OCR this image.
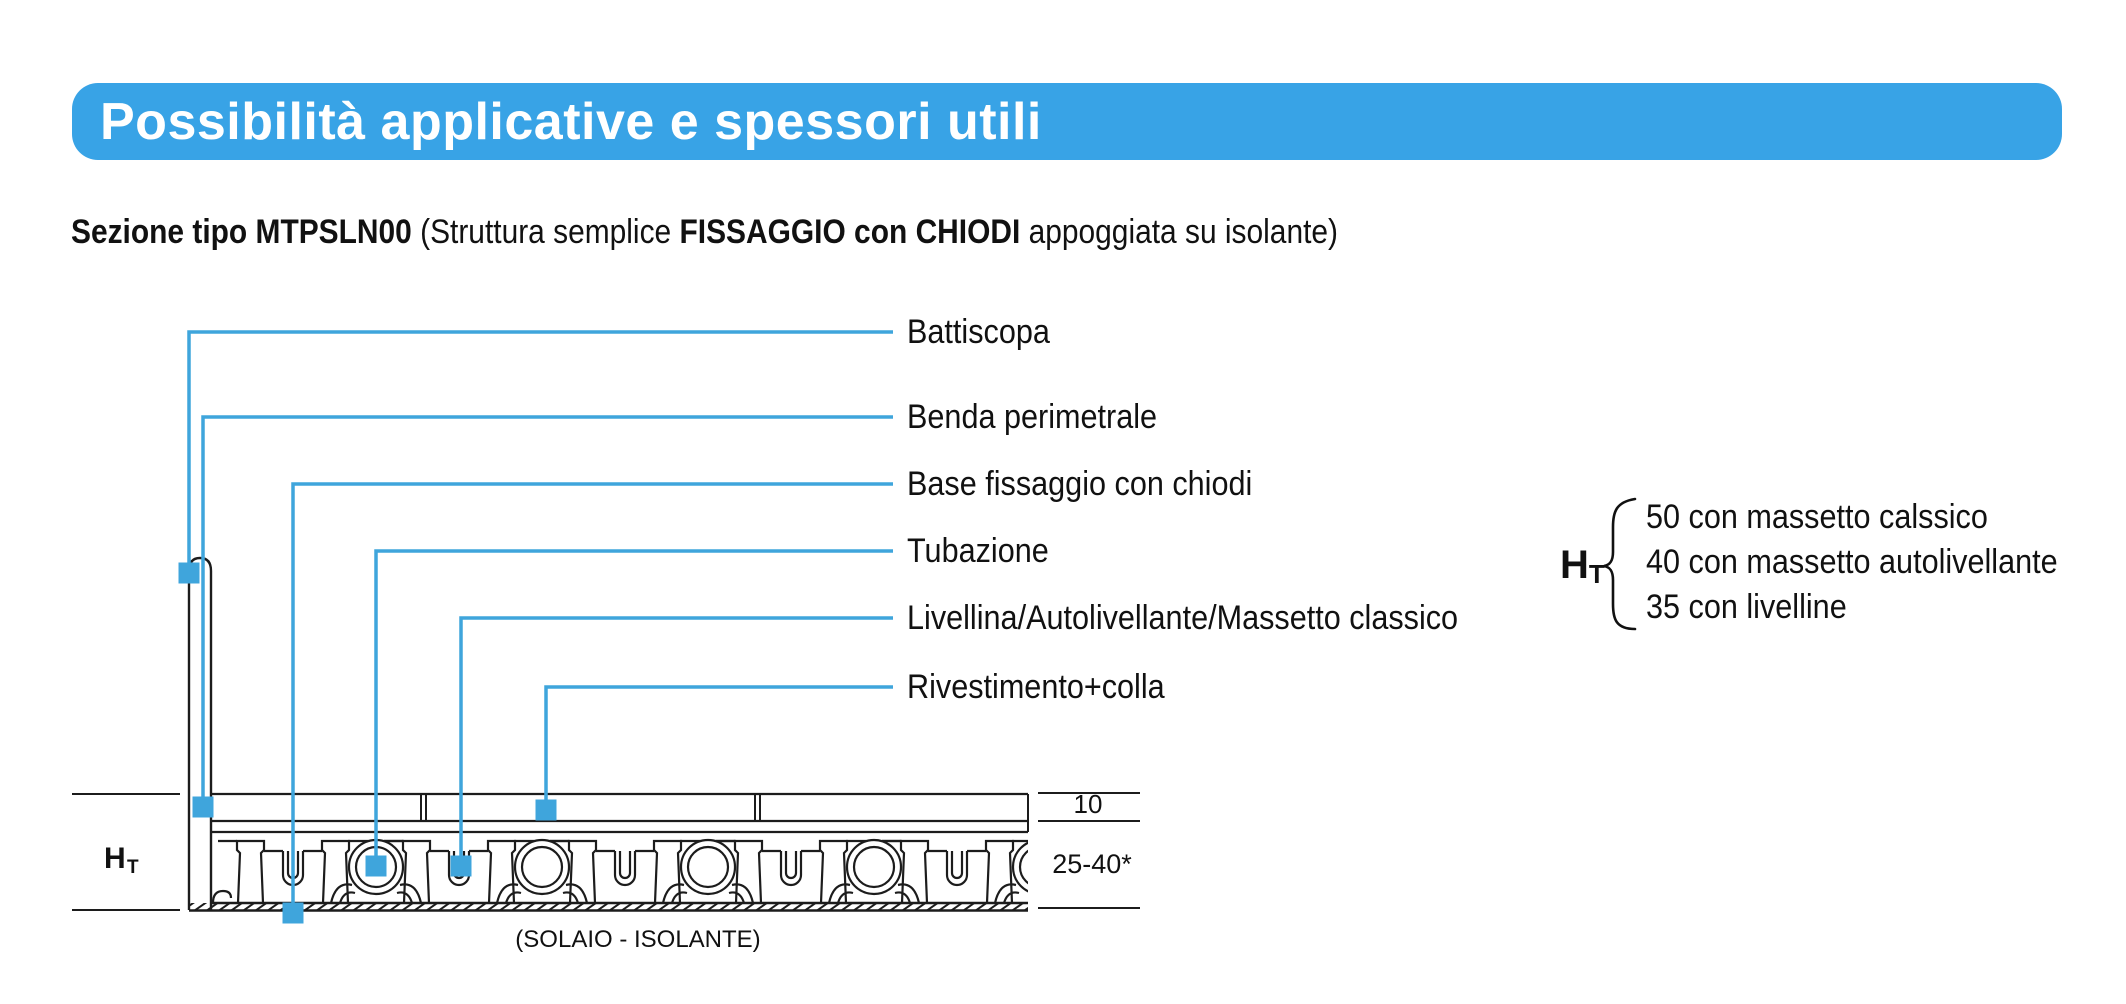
Possibilità applicative e spessori utili
Sezione tipo MTPSLN00 (Struttura semplice FISSAGGIO con CHIODI appoggiata su isolante)
H T
10
25-40*
(SOLAIO - ISOLANTE)
Battiscopa
Benda perimetrale
Base fissaggio con chiodi
Tubazione
Livellina/Autolivellante/Massetto classico
Rivestimento+colla
HT
50 con massetto calssico
40 con massetto autolivellante
35 con livelline
